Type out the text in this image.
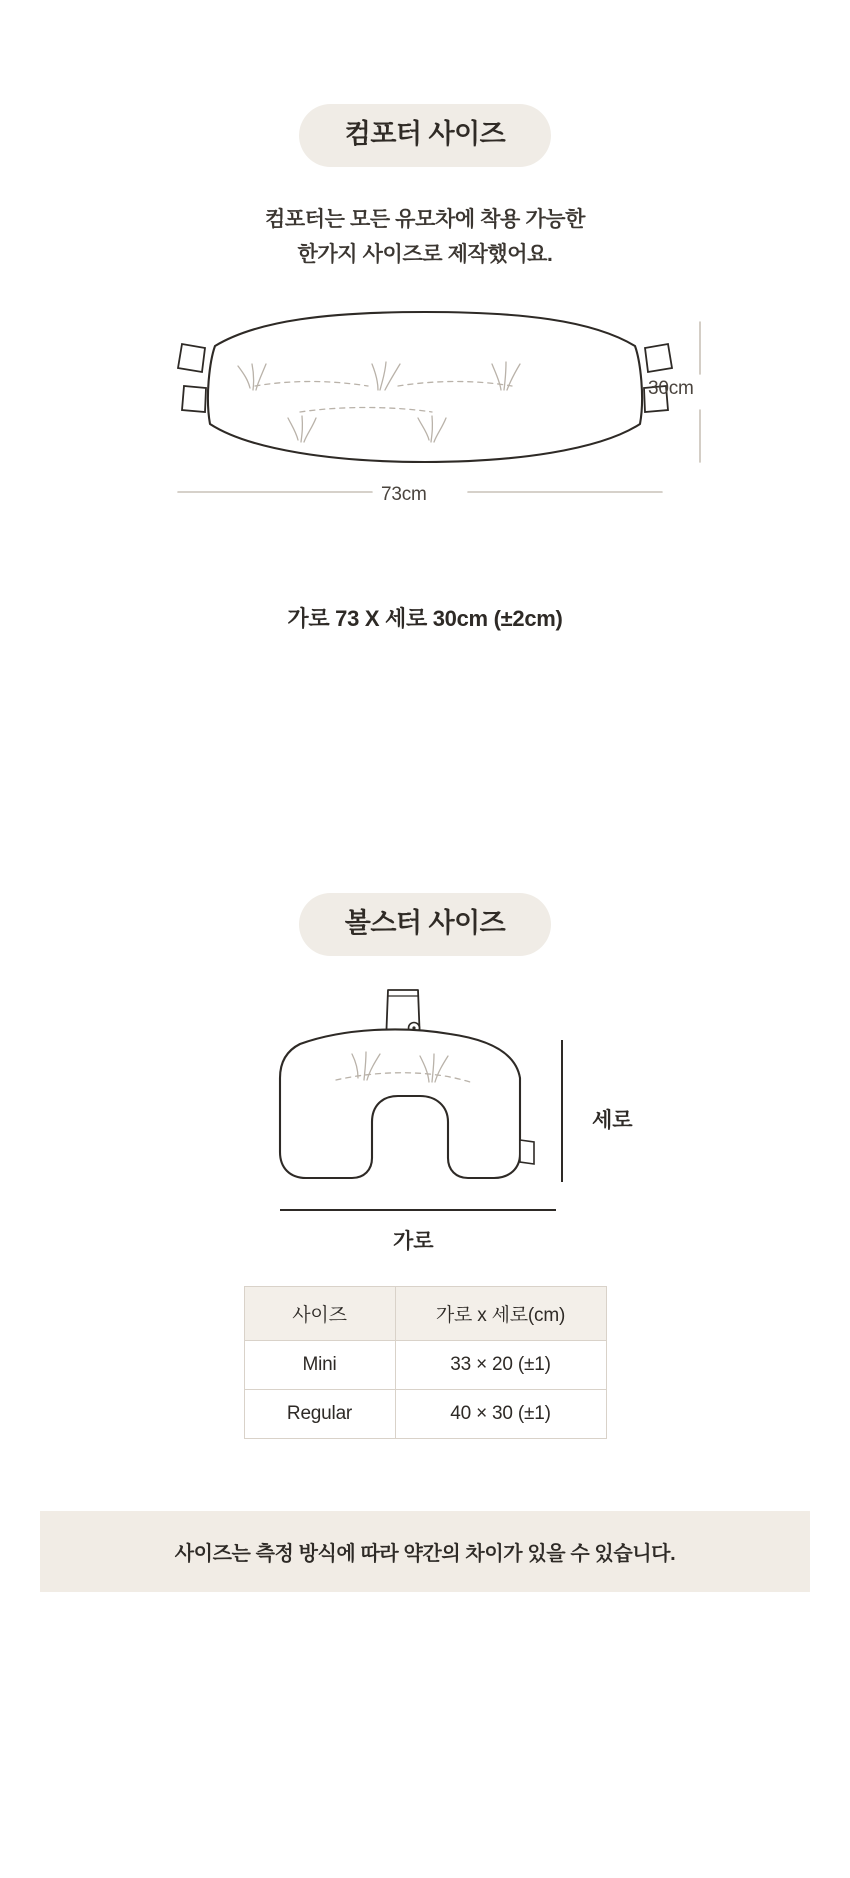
컴포터 사이즈
컴포터는 모든 유모차에 착용 가능한
한가지 사이즈로 제작했어요.
30cm
73cm
가로 73 X 세로 30cm (±2cm)
볼스터 사이즈
세로
가로
사이즈	가로 x 세로(cm)
Mini	33 × 20 (±1)
Regular	40 × 30 (±1)
사이즈는 측정 방식에 따라 약간의 차이가 있을 수 있습니다.
